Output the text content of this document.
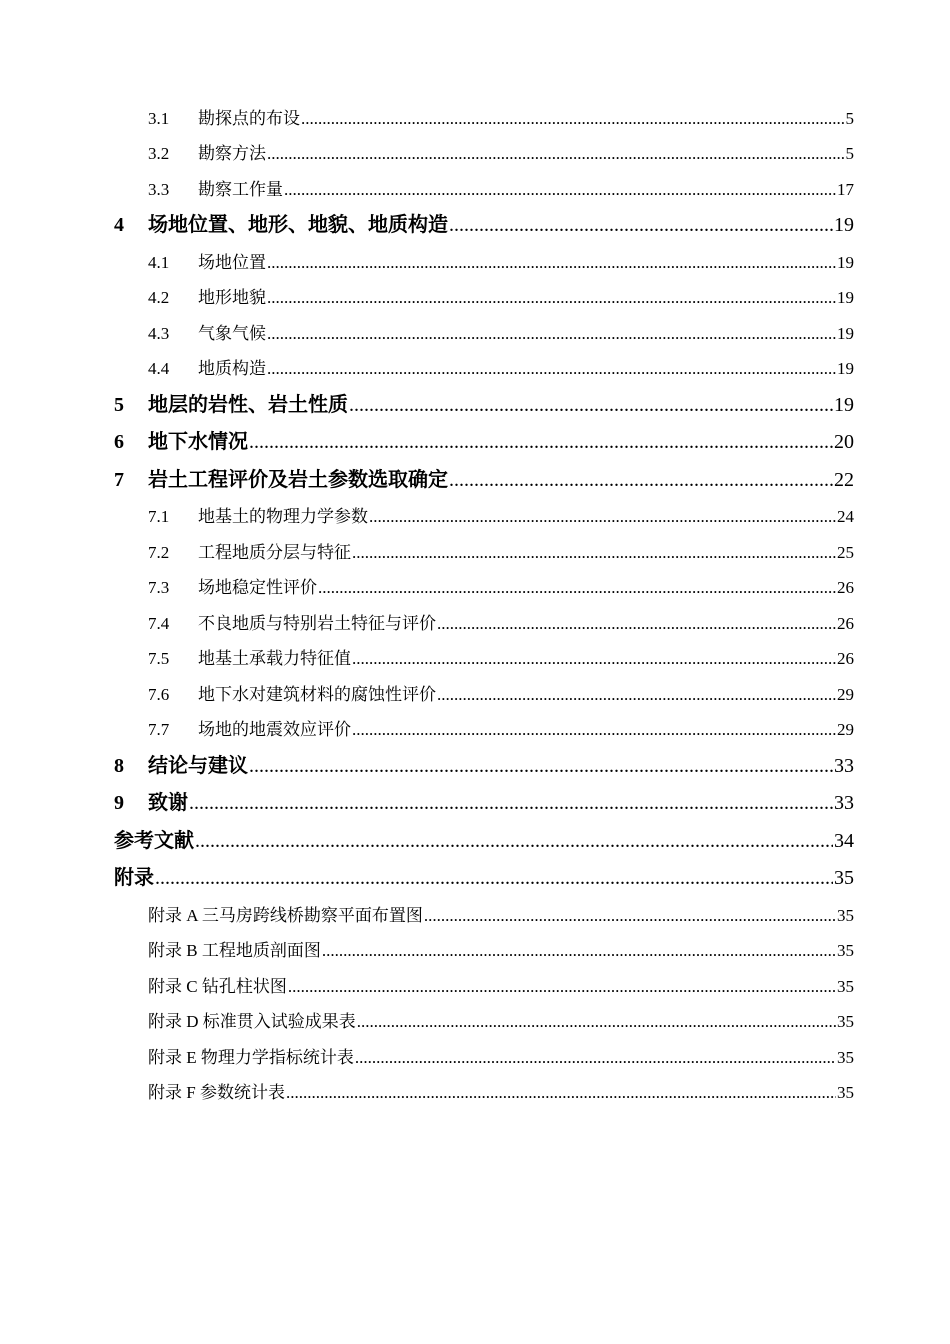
3.1	勘探点的布设 .....	5
3.2	勘察方法 .....	5
3.3	勘察工作量 .....	17
4	场地位置、地形、地貌、地质构造 .....	19
4.1	场地位置 .....	19
4.2	地形地貌 .....	19
4.3	气象气候 .....	19
4.4	地质构造 .....	19
5	地层的岩性、岩土性质 .....	19
6	地下水情况 .....	20
7	岩土工程评价及岩土参数选取确定 .....	22
7.1	地基土的物理力学参数 .....	24
7.2	工程地质分层与特征 .....	25
7.3	场地稳定性评价 .....	26
7.4	不良地质与特别岩土特征与评价 .....	26
7.5	地基土承载力特征值 .....	26
7.6	地下水对建筑材料的腐蚀性评价 .....	29
7.7	场地的地震效应评价 .....	29
8	结论与建议 .....	33
9	致谢 .....	33
参考文献 .....	34
附录 .....	35
附录 A 三马房跨线桥勘察平面布置图 .....	35
附录 B 工程地质剖面图 .....	35
附录 C 钻孔柱状图 .....	35
附录 D 标准贯入试验成果表 .....	35
附录 E 物理力学指标统计表 .....	35
附录 F 参数统计表 .....	35
